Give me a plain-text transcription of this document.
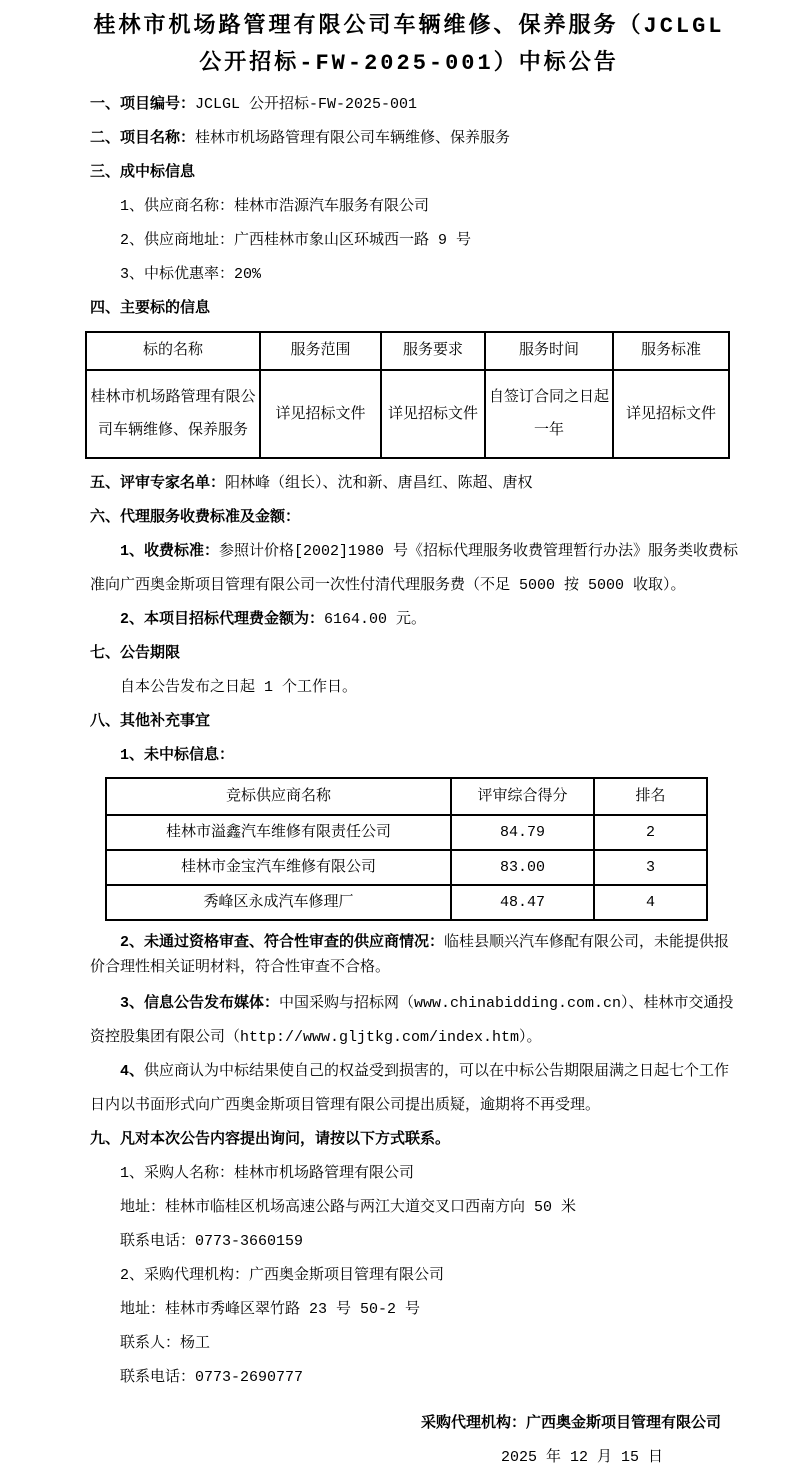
桂林市机场路管理有限公司车辆维修、保养服务（JCLGL
公开招标-FW-2025-001）中标公告

一、项目编号：JCLGL 公开招标-FW-2025-001

二、项目名称：桂林市机场路管理有限公司车辆维修、保养服务

三、成中标信息

1、供应商名称：桂林市浩源汽车服务有限公司

2、供应商地址：广西桂林市象山区环城西一路 9 号

3、中标优惠率：20%

四、主要标的信息

标的名称	服务范围	服务要求	服务时间	服务标准
桂林市机场路管理有限公司车辆维修、保养服务	详见招标文件	详见招标文件	自签订合同之日起一年	详见招标文件

五、评审专家名单：阳林峰（组长）、沈和新、唐昌红、陈超、唐权

六、代理服务收费标准及金额：

1、收费标准：参照计价格[2002]1980 号《招标代理服务收费管理暂行办法》服务类收费标准向广西奥金斯项目管理有限公司一次性付清代理服务费（不足 5000 按 5000 收取）。

2、本项目招标代理费金额为：6164.00 元。

七、公告期限

自本公告发布之日起 1 个工作日。

八、其他补充事宜

1、未中标信息：

竞标供应商名称	评审综合得分	排名
桂林市溢鑫汽车维修有限责任公司	84.79	2
桂林市金宝汽车维修有限公司	83.00	3
秀峰区永成汽车修理厂	48.47	4

2、未通过资格审查、符合性审查的供应商情况：临桂县顺兴汽车修配有限公司，未能提供报价合理性相关证明材料，符合性审查不合格。

3、信息公告发布媒体：中国采购与招标网（www.chinabidding.com.cn）、桂林市交通投资控股集团有限公司（http://www.gljtkg.com/index.htm）。

4、供应商认为中标结果使自己的权益受到损害的，可以在中标公告期限届满之日起七个工作日内以书面形式向广西奥金斯项目管理有限公司提出质疑，逾期将不再受理。

九、凡对本次公告内容提出询问，请按以下方式联系。

1、采购人名称：桂林市机场路管理有限公司

地址：桂林市临桂区机场高速公路与两江大道交叉口西南方向 50 米

联系电话：0773-3660159

2、采购代理机构：广西奥金斯项目管理有限公司

地址：桂林市秀峰区翠竹路 23 号 50-2 号

联系人：杨工

联系电话：0773-2690777

采购代理机构：广西奥金斯项目管理有限公司

2025 年 12 月 15 日
